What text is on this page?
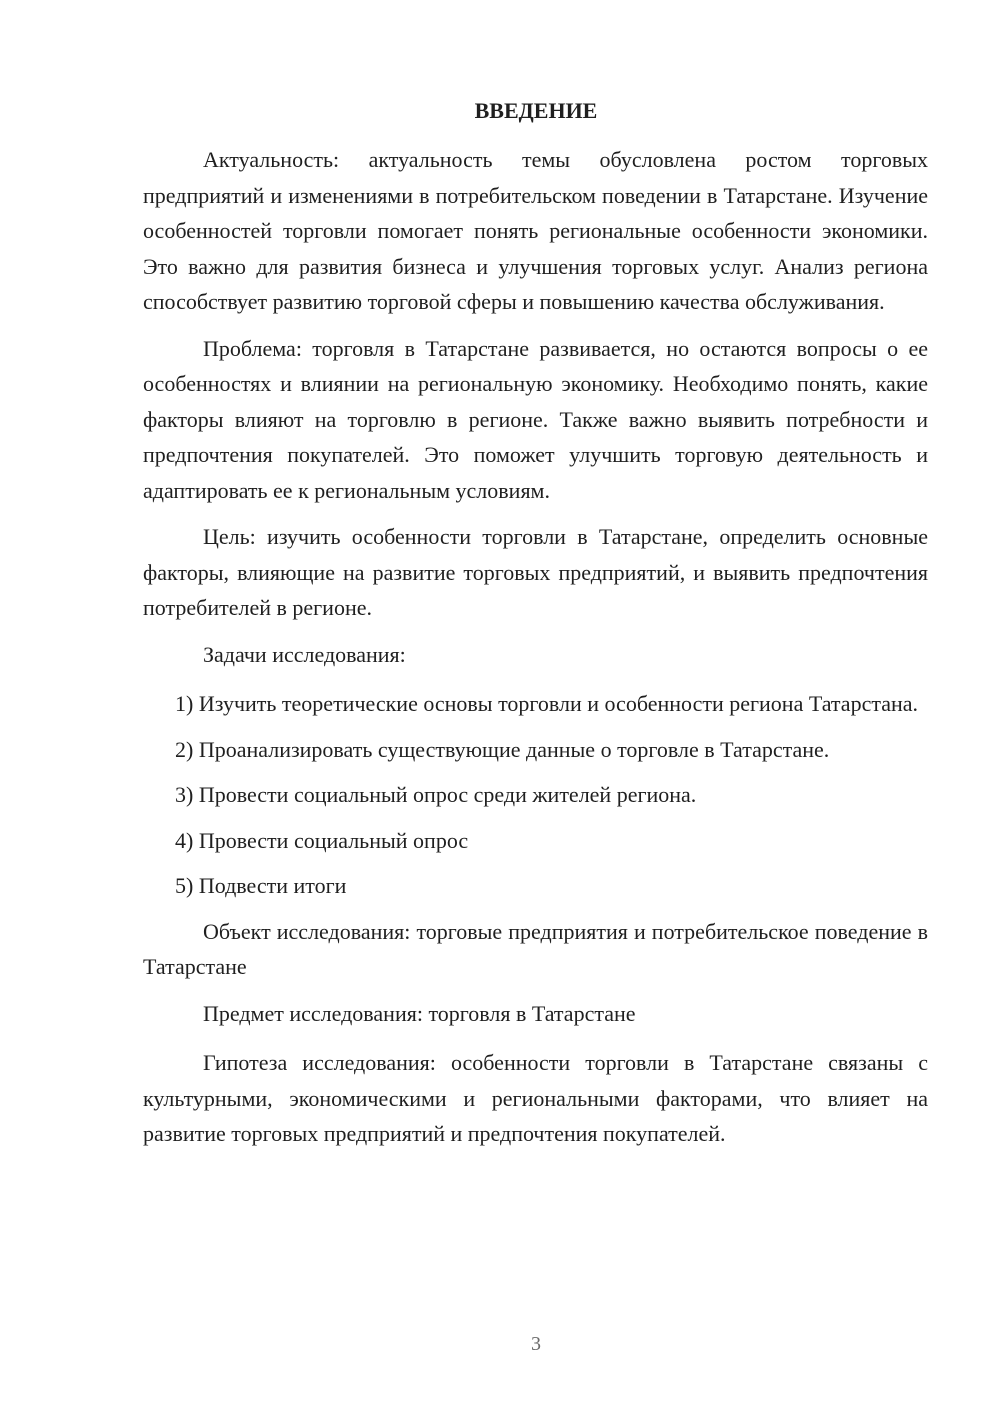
ВВЕДЕНИЕ

Актуальность: актуальность темы обусловлена ростом торговых предприятий и изменениями в потребительском поведении в Татарстане. Изучение особенностей торговли помогает понять региональные особенности экономики. Это важно для развития бизнеса и улучшения торговых услуг. Анализ региона способствует развитию торговой сферы и повышению качества обслуживания.

Проблема: торговля в Татарстане развивается, но остаются вопросы о ее особенностях и влиянии на региональную экономику. Необходимо понять, какие факторы влияют на торговлю в регионе. Также важно выявить потребности и предпочтения покупателей. Это поможет улучшить торговую деятельность и адаптировать ее к региональным условиям.

Цель: изучить особенности торговли в Татарстане, определить основные факторы, влияющие на развитие торговых предприятий, и выявить предпочтения потребителей в регионе.

Задачи исследования:

1) Изучить теоретические основы торговли и особенности региона Татарстана.

2) Проанализировать существующие данные о торговле в Татарстане.

3) Провести социальный опрос среди жителей региона.

4) Провести социальный опрос

5) Подвести итоги

Объект исследования: торговые предприятия и потребительское поведение в Татарстане

Предмет исследования: торговля в Татарстане

Гипотеза исследования: особенности торговли в Татарстане связаны с культурными, экономическими и региональными факторами, что влияет на развитие торговых предприятий и предпочтения покупателей.

3
